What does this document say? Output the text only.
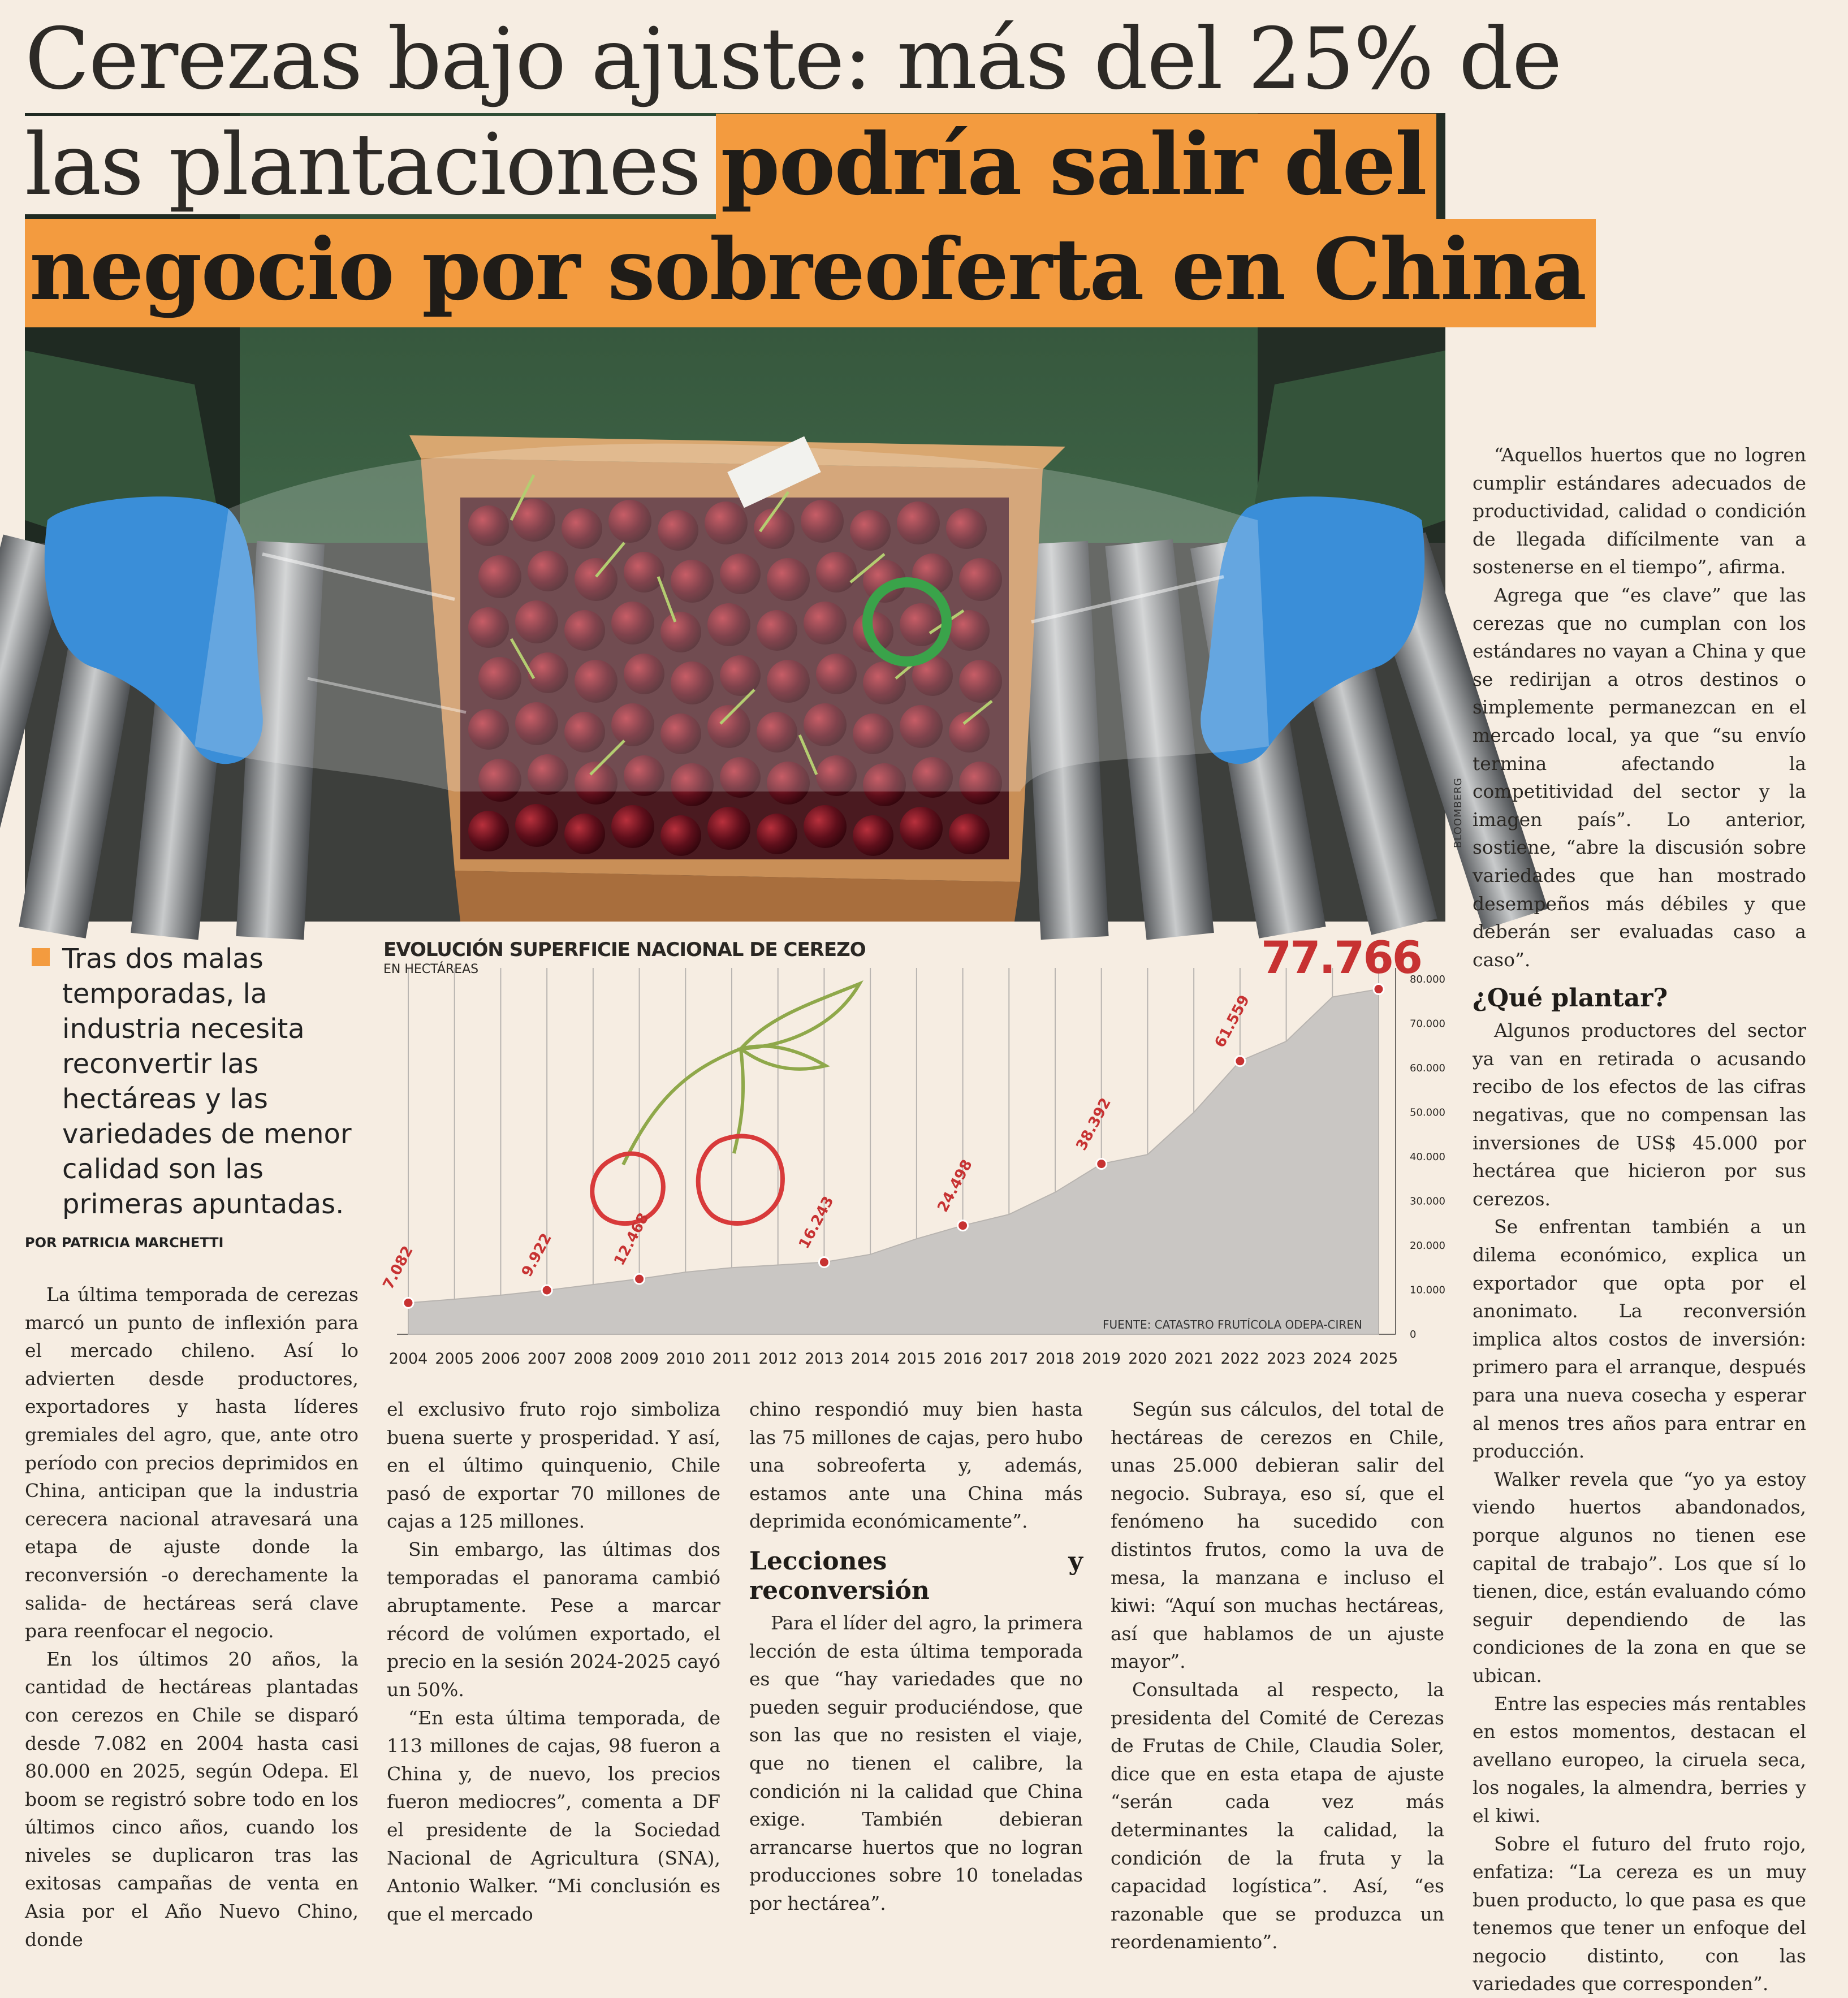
Cerezas bajo ajuste: más del 25% de
las plantaciones podría salir del
negocio por sobreoferta en China
BLOOMBERG

Tras dos malas temporadas, la industria necesita reconvertir las hectáreas y las variedades de menor calidad son las primeras apuntadas.

POR PATRICIA MARCHETTI
EVOLUCIÓN SUPERFICIE NACIONAL DE CEREZO
EN HECTÁREAS	77.766
7.082	9.922	12.468	16.243
24.498
38.392
61.559
2004 2005 2006 2007 2008 2009 2010 2011 2012 2013 2014 2015 2016 2017 2018 2019 2020 2021 2022 2023 2024 2025
0
10.000
20.000
30.000
40.000
50.000
60.000
70.000
80.000
FUENTE: CATASTRO FRUTÍCOLA ODEPA-CIREN

La última temporada de cerezas marcó un punto de inflexión para el mercado chileno. Así lo advierten desde productores, exportadores y hasta líderes gremiales del agro, que, ante otro período con precios deprimidos en China, anticipan que la industria cerecera nacional atravesará una etapa de ajuste donde la reconversión -o derechamente la salida- de hectáreas será clave para reenfocar el negocio.

En los últimos 20 años, la cantidad de hectáreas plantadas con cerezos en Chile se disparó desde 7.082 en 2004 hasta casi 80.000 en 2025, según Odepa. El boom se registró sobre todo en los últimos cinco años, cuando los niveles se duplicaron tras las exitosas campañas de venta en Asia por el Año Nuevo Chino, donde

el exclusivo fruto rojo simboliza buena suerte y prosperidad. Y así, en el último quinquenio, Chile pasó de exportar 70 millones de cajas a 125 millones.

Sin embargo, las últimas dos temporadas el panorama cambió abruptamente. Pese a marcar récord de volúmen exportado, el precio en la sesión 2024-2025 cayó un 50%.

“En esta última temporada, de 113 millones de cajas, 98 fueron a China y, de nuevo, los precios fueron mediocres”, comenta a DF el presidente de la Sociedad Nacional de Agricultura (SNA), Antonio Walker. “Mi conclusión es que el mercado

chino respondió muy bien hasta las 75 millones de cajas, pero hubo una sobreoferta y, además, estamos ante una China más deprimida económicamente”.

Lecciones y reconversión

Para el líder del agro, la primera lección de esta última temporada es que “hay variedades que no pueden seguir produciéndose, que son las que no resisten el viaje, que no tienen el calibre, la condición ni la calidad que China exige. También debieran arrancarse huertos que no logran producciones sobre 10 toneladas por hectárea”.

Según sus cálculos, del total de hectáreas de cerezos en Chile, unas 25.000 debieran salir del negocio. Subraya, eso sí, que el fenómeno ha sucedido con distintos frutos, como la uva de mesa, la manzana e incluso el kiwi: “Aquí son muchas hectáreas, así que hablamos de un ajuste mayor”.

Consultada al respecto, la presidenta del Comité de Cerezas de Frutas de Chile, Claudia Soler, dice que en esta etapa de ajuste “serán cada vez más determinantes la calidad, la condición de la fruta y la capacidad logística”. Así, “es razonable que se produzca un reordenamiento”.

“Aquellos huertos que no logren cumplir estándares adecuados de productividad, calidad o condición de llegada difícilmente van a sostenerse en el tiempo”, afirma.

Agrega que “es clave” que las cerezas que no cumplan con los estándares no vayan a China y que se redirijan a otros destinos o simplemente permanezcan en el mercado local, ya que “su envío termina afectando la competitividad del sector y la imagen país”. Lo anterior, sostiene, “abre la discusión sobre variedades que han mostrado desempeños más débiles y que deberán ser evaluadas caso a caso”.

¿Qué plantar?

Algunos productores del sector ya van en retirada o acusando recibo de los efectos de las cifras negativas, que no compensan las inversiones de US$ 45.000 por hectárea que hicieron por sus cerezos.

Se enfrentan también a un dilema económico, explica un exportador que opta por el anonimato. La reconversión implica altos costos de inversión: primero para el arranque, después para una nueva cosecha y esperar al menos tres años para entrar en producción.

Walker revela que “yo ya estoy viendo huertos abandonados, porque algunos no tienen ese capital de trabajo”. Los que sí lo tienen, dice, están evaluando cómo seguir dependiendo de las condiciones de la zona en que se ubican.

Entre las especies más rentables en estos momentos, destacan el avellano europeo, la ciruela seca, los nogales, la almendra, berries y el kiwi.

Sobre el futuro del fruto rojo, enfatiza: “La cereza es un muy buen producto, lo que pasa es que tenemos que tener un enfoque del negocio distinto, con las variedades que corresponden”.
